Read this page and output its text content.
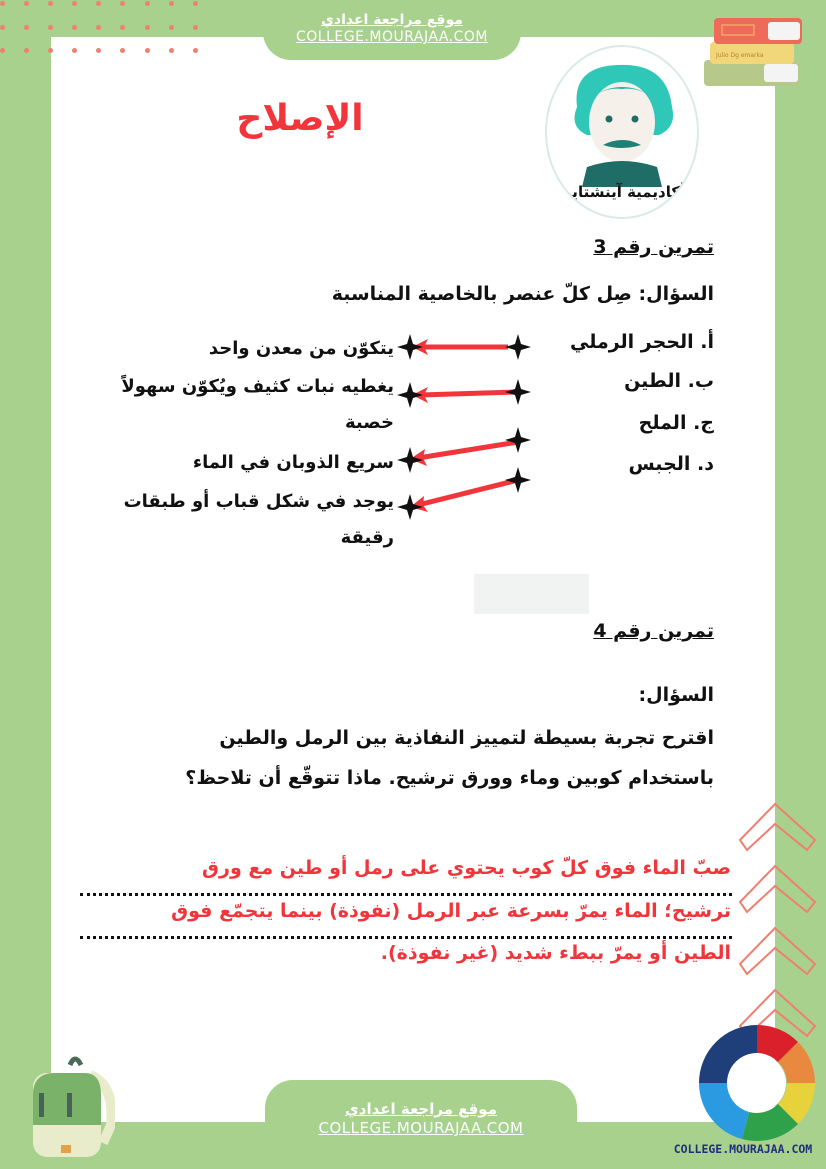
موقع مراجعة اعدادي
COLLEGE.MOURAJAA.COM
Julio Dg emarka
الإصلاح
أكاديمية آينشتاين
تمرين رقم 3
السؤال: صِل كلّ عنصر بالخاصية المناسبة
أ. الحجر الرملي
ب. الطين
ج. الملح
د. الجبس
يتكوّن من معدن واحد
يغطيه نبات كثيف ويُكوّن سهولاً
خصبة
سريع الذوبان في الماء
يوجد في شكل قباب أو طبقات
رقيقة
تمرين رقم 4
السؤال:
اقترح تجربة بسيطة لتمييز النفاذية بين الرمل والطين
باستخدام كوبين وماء وورق ترشيح. ماذا تتوقّع أن تلاحظ؟
صبّ الماء فوق كلّ كوب يحتوي على رمل أو طين مع ورق
ترشيح؛ الماء يمرّ بسرعة عبر الرمل (نفوذة) بينما يتجمّع فوق
الطين أو يمرّ ببطء شديد (غير نفوذة).
موقع مراجعة اعدادي
COLLEGE.MOURAJAA.COM
COLLEGE.MOURAJAA.COM
